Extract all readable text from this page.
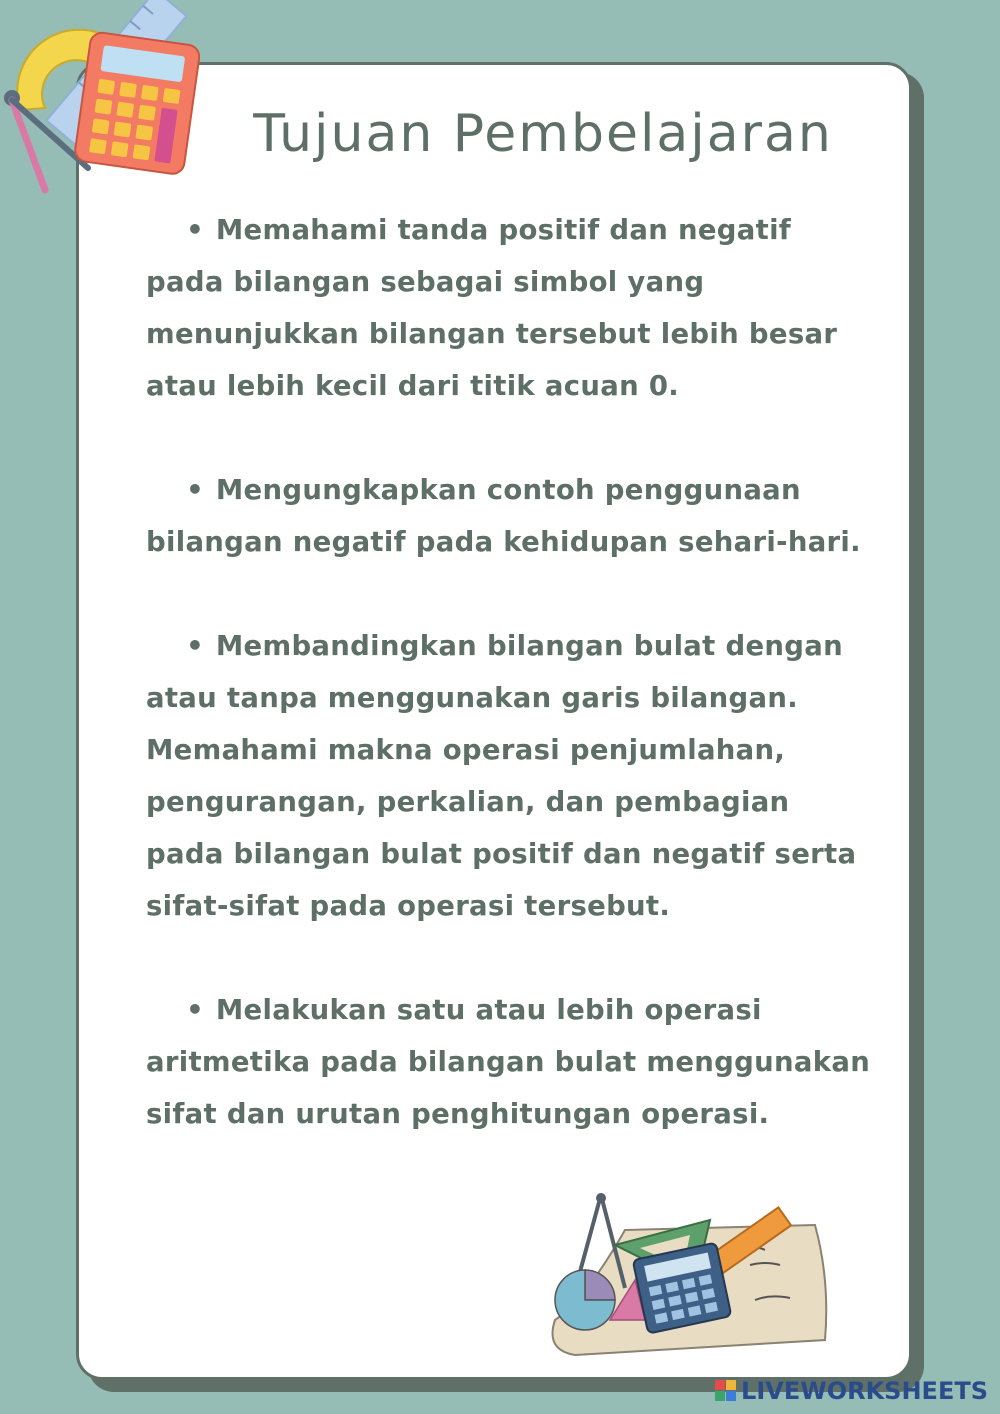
Tujuan Pembelajaran
• Memahami tanda positif dan negatif pada bilangan sebagai simbol yang menunjukkan bilangan tersebut lebih besar atau lebih kecil dari titik acuan 0.
• Mengungkapkan contoh penggunaan bilangan negatif pada kehidupan sehari-hari.
• Membandingkan bilangan bulat dengan atau tanpa menggunakan garis bilangan. Memahami makna operasi penjumlahan, pengurangan, perkalian, dan pembagian pada bilangan bulat positif dan negatif serta sifat-sifat pada operasi tersebut.
• Melakukan satu atau lebih operasi aritmetika pada bilangan bulat menggunakan sifat dan urutan penghitungan operasi.
LIVEWORKSHEETS
